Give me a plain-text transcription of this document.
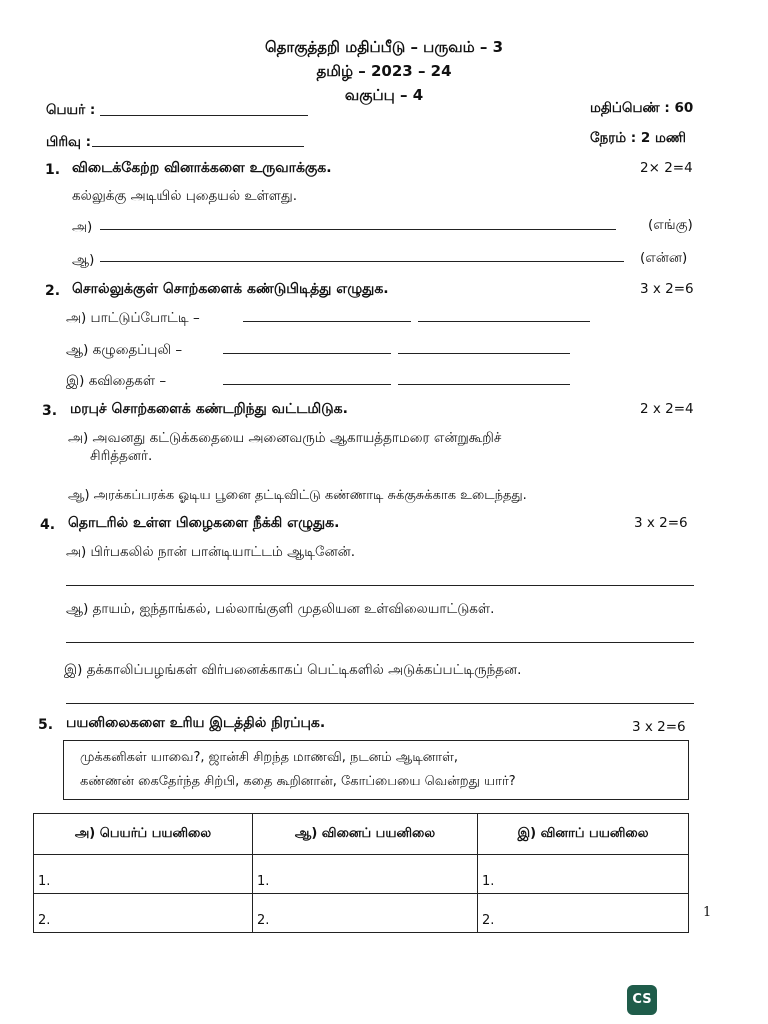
தொகுத்தறி மதிப்பீடு – பருவம் – 3
தமிழ் – 2023 – 24
வகுப்பு – 4
பெயர் :	மதிப்பெண் : 60
பிரிவு :	நேரம் : 2 மணி
1. விடைக்கேற்ற வினாக்களை உருவாக்குக.	2× 2=4
கல்லுக்கு அடியில் புதையல் உள்ளது.
அ)	(எங்கு)
ஆ)	(என்ன)
2. சொல்லுக்குள் சொற்களைக் கண்டுபிடித்து எழுதுக.	3 x 2=6
அ) பாட்டுப்போட்டி –
ஆ) கழுதைப்புலி –
இ) கவிதைகள் –
3. மரபுச் சொற்களைக் கண்டறிந்து வட்டமிடுக.	2 x 2=4
அ) அவனது கட்டுக்கதையை அனைவரும் ஆகாயத்தாமரை என்றுகூறிச்
சிரித்தனர்.
ஆ) அரக்கப்பரக்க ஓடிய பூனை தட்டிவிட்டு கண்ணாடி சுக்குசுக்காக உடைந்தது.
4. தொடரில் உள்ள பிழைகளை நீக்கி எழுதுக.	3 x 2=6
அ) பிர்பகலில் நான் பான்டியாட்டம் ஆடினேன்.
ஆ) தாயம், ஐந்தாங்கல், பல்லாங்குளி முதலியன உள்விலையாட்டுகள்.
இ) தக்காலிப்பழங்கள் விர்பனைக்காகப் பெட்டிகளில் அடுக்கப்பட்டிருந்தன.
5. பயனிலைகளை உரிய இடத்தில் நிரப்புக.	3 x 2=6
முக்கனிகள் யாவை?, ஜான்சி சிறந்த மாணவி, நடனம் ஆடினாள்,
கண்ணன் கைதேர்ந்த சிற்பி, கதை கூறினான், கோப்பையை வென்றது யார்?
அ) பெயர்ப் பயனிலை	ஆ) வினைப் பயனிலை	இ) வினாப் பயனிலை
1.	1.	1.
2.	2.	2.
1
CS
